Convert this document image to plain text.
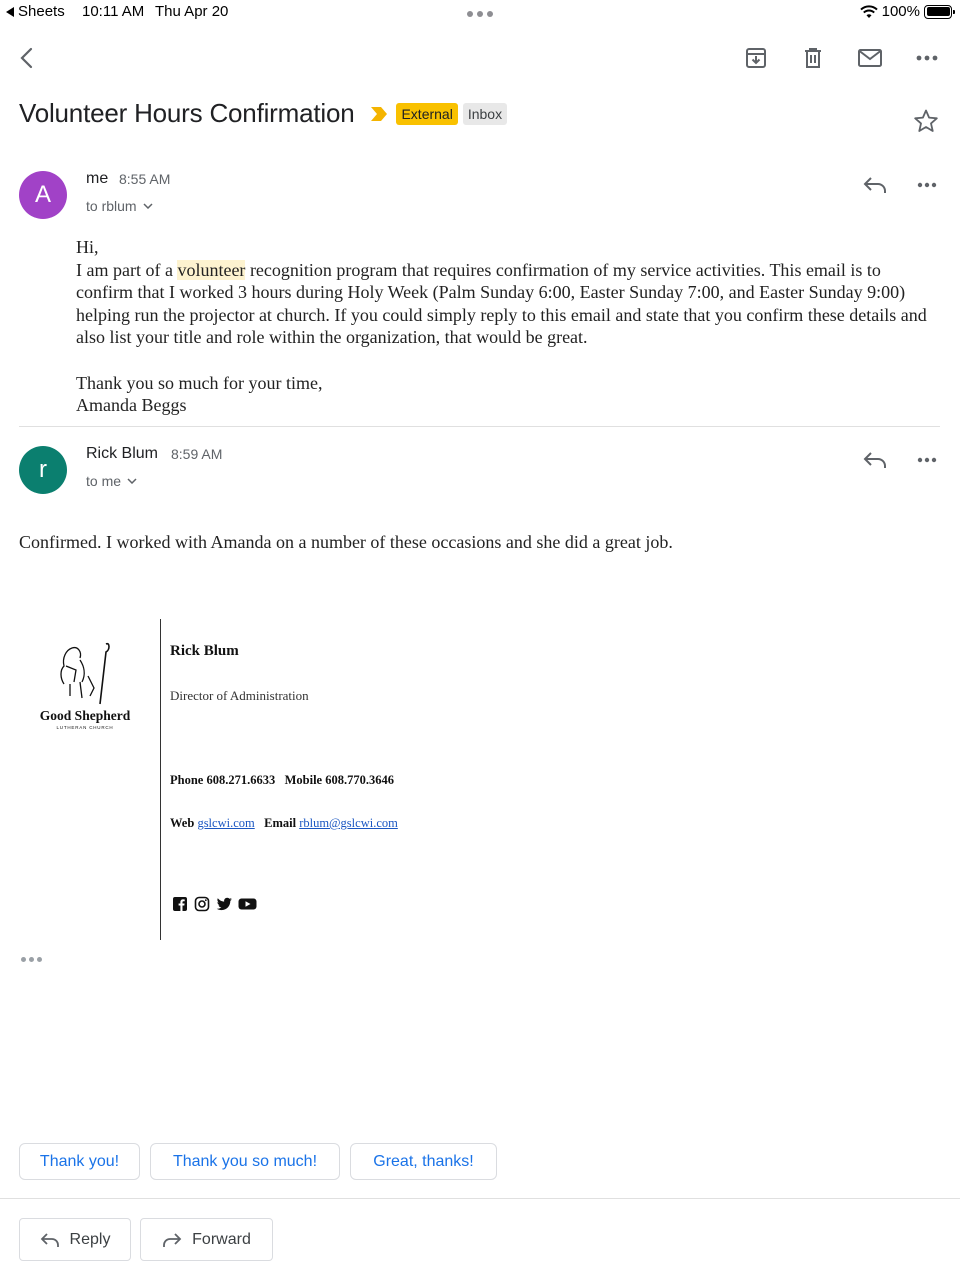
Sheets 10:11 AM Thu Apr 20	100%
Volunteer Hours Confirmation	External	Inbox
A
me 8:55 AM
to rblum

Hi,

I am part of a volunteer recognition program that requires confirmation of my service activities. This email is to confirm that I worked 3 hours during Holy Week (Palm Sunday 6:00, Easter Sunday 7:00, and Easter Sunday 9:00) helping run the projector at church. If you could simply reply to this email and state that you confirm these details and also list your title and role within the organization, that would be great.

Thank you so much for your time,

Amanda Beggs

r
Rick Blum 8:59 AM
to me
Confirmed. I worked with Amanda on a number of these occasions and she did a great job.
Good Shepherd
LUTHERAN CHURCH
Rick Blum
Director of Administration
Phone 608.271.6633 Mobile 608.770.3646
Web gslcwi.com Email rblum@gslcwi.com
Thank you!	Thank you so much!	Great, thanks!
Reply	Forward
